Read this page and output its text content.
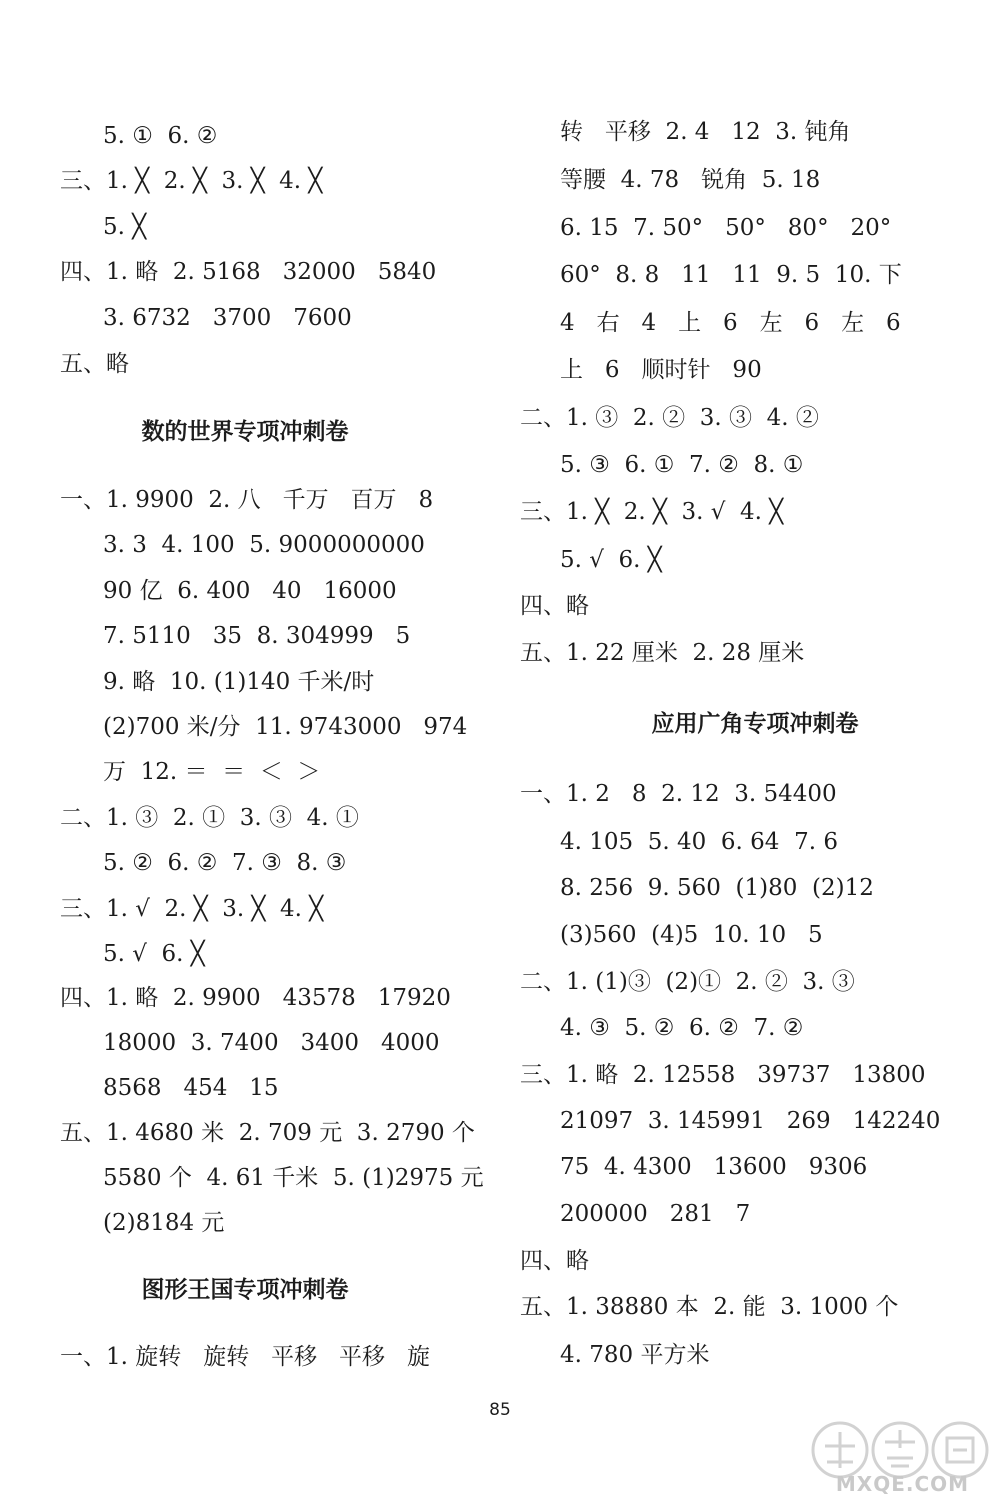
5. ①  6. ②
三、1. ╳  2. ╳  3. ╳  4. ╳
5. ╳
四、1. 略  2. 5168   32000   5840
3. 6732   3700   7600
五、略
数的世界专项冲刺卷
一、1. 9900  2. 八   千万   百万   8
3. 3  4. 100  5. 9000000000
90 亿  6. 400   40   16000
7. 5110   35  8. 304999   5
9. 略  10. (1)140 千米/时
(2)700 米/分  11. 9743000   974
万  12. ＝  ＝  ＜  ＞
二、1. ③  2. ①  3. ③  4. ①
5. ②  6. ②  7. ③  8. ③
三、1. √  2. ╳  3. ╳  4. ╳
5. √  6. ╳
四、1. 略  2. 9900   43578   17920
18000  3. 7400   3400   4000
8568   454   15
五、1. 4680 米  2. 709 元  3. 2790 个
5580 个  4. 61 千米  5. (1)2975 元
(2)8184 元
图形王国专项冲刺卷
一、1. 旋转   旋转   平移   平移   旋
转   平移  2. 4   12  3. 钝角
等腰  4. 78   锐角  5. 18
6. 15  7. 50°   50°   80°   20°
60°  8. 8   11   11  9. 5  10. 下
4   右   4   上   6   左   6   左   6
上   6   顺时针   90
二、1. ③  2. ②  3. ③  4. ②
5. ③  6. ①  7. ②  8. ①
三、1. ╳  2. ╳  3. √  4. ╳
5. √  6. ╳
四、略
五、1. 22 厘米  2. 28 厘米
应用广角专项冲刺卷
一、1. 2   8  2. 12  3. 54400
4. 105  5. 40  6. 64  7. 6
8. 256  9. 560  (1)80  (2)12
(3)560  (4)5  10. 10   5
二、1. (1)③  (2)①  2. ②  3. ③
4. ③  5. ②  6. ②  7. ②
三、1. 略  2. 12558   39737   13800
21097  3. 145991   269   142240
75  4. 4300   13600   9306
200000   281   7
四、略
五、1. 38880 本  2. 能  3. 1000 个
4. 780 平方米
85
MXQE.COM
